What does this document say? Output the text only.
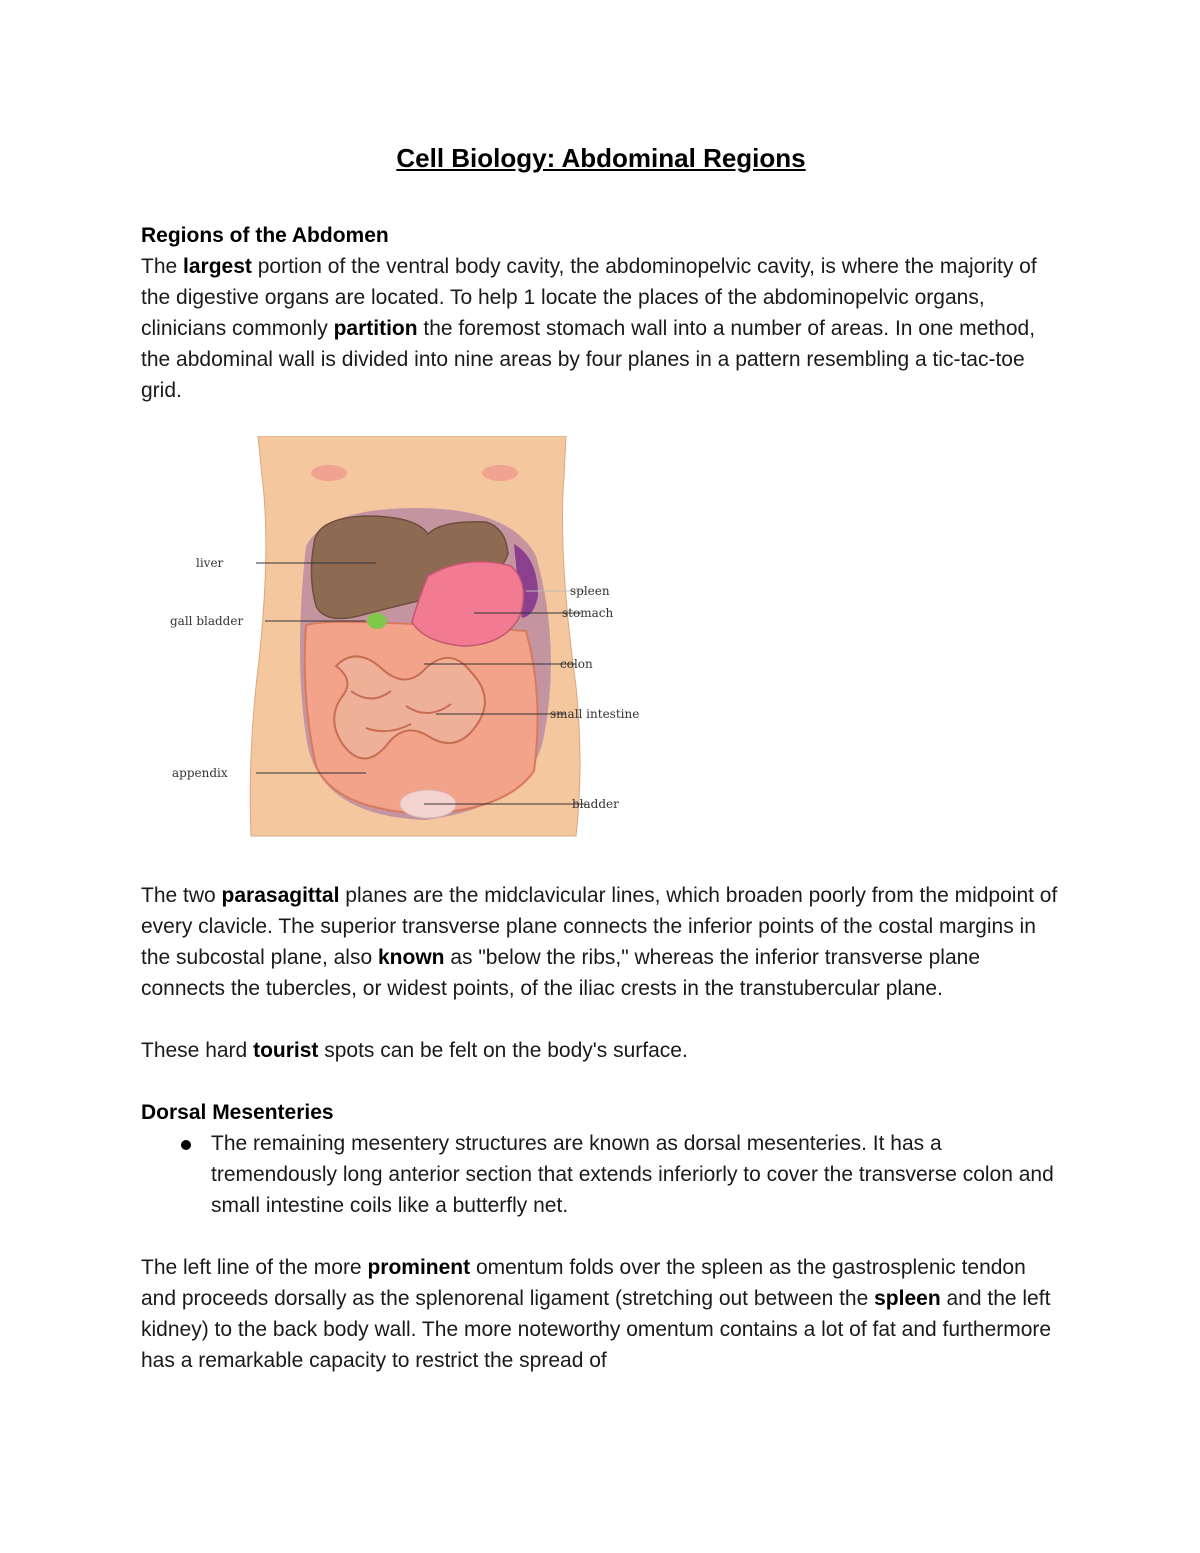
Cell Biology: Abdominal Regions
Regions of the Abdomen

The largest portion of the ventral body cavity, the abdominopelvic cavity, is where the majority of the digestive organs are located. To help 1 locate the places of the abdominopelvic organs, clinicians commonly partition the foremost stomach wall into a number of areas. In one method, the abdominal wall is divided into nine areas by four planes in a pattern resembling a tic-tac-toe grid.

liver
gall bladder
appendix
spleen
stomach
colon
small intestine
bladder

The two parasagittal planes are the midclavicular lines, which broaden poorly from the midpoint of every clavicle. The superior transverse plane connects the inferior points of the costal margins in the subcostal plane, also known as "below the ribs," whereas the inferior transverse plane connects the tubercles, or widest points, of the iliac crests in the transtubercular plane.

These hard tourist spots can be felt on the body's surface.

Dorsal Mesenteries

The remaining mesentery structures are known as dorsal mesenteries. It has a tremendously long anterior section that extends inferiorly to cover the transverse colon and small intestine coils like a butterfly net.

The left line of the more prominent omentum folds over the spleen as the gastrosplenic tendon and proceeds dorsally as the splenorenal ligament (stretching out between the spleen and the left kidney) to the back body wall. The more noteworthy omentum contains a lot of fat and furthermore has a remarkable capacity to restrict the spread of
